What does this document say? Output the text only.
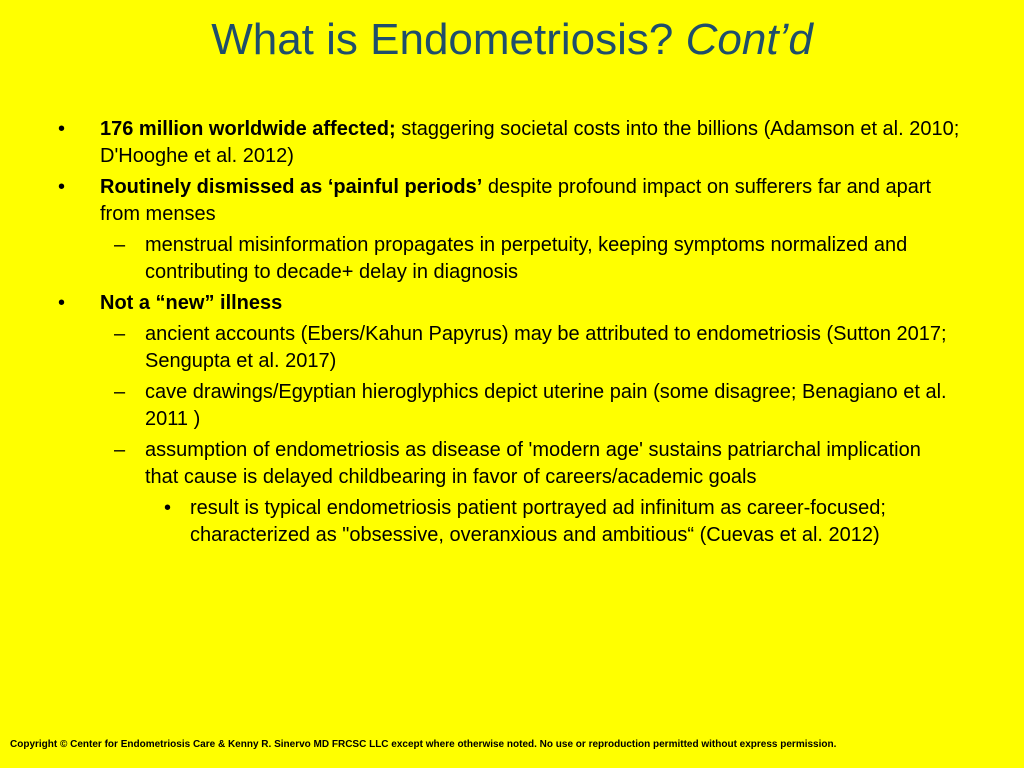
What is Endometriosis? Cont’d
• 176 million worldwide affected; staggering societal costs into the billions (Adamson et al. 2010; D'Hooghe et al. 2012)
• Routinely dismissed as ‘painful periods’ despite profound impact on sufferers far and apart from menses
– menstrual misinformation propagates in perpetuity, keeping symptoms normalized and contributing to decade+ delay in diagnosis
• Not a “new” illness
– ancient accounts (Ebers/Kahun Papyrus) may be attributed to endometriosis (Sutton 2017; Sengupta et al. 2017)
– cave drawings/Egyptian hieroglyphics depict uterine pain (some disagree; Benagiano et al. 2011 )
– assumption of endometriosis as disease of 'modern age' sustains patriarchal implication that cause is delayed childbearing in favor of careers/academic goals
• result is typical endometriosis patient portrayed ad infinitum as career-focused; characterized as "obsessive, overanxious and ambitious“ (Cuevas et al. 2012)
Copyright © Center for Endometriosis Care & Kenny R. Sinervo MD FRCSC LLC except where otherwise noted. No use or reproduction permitted without express permission.
